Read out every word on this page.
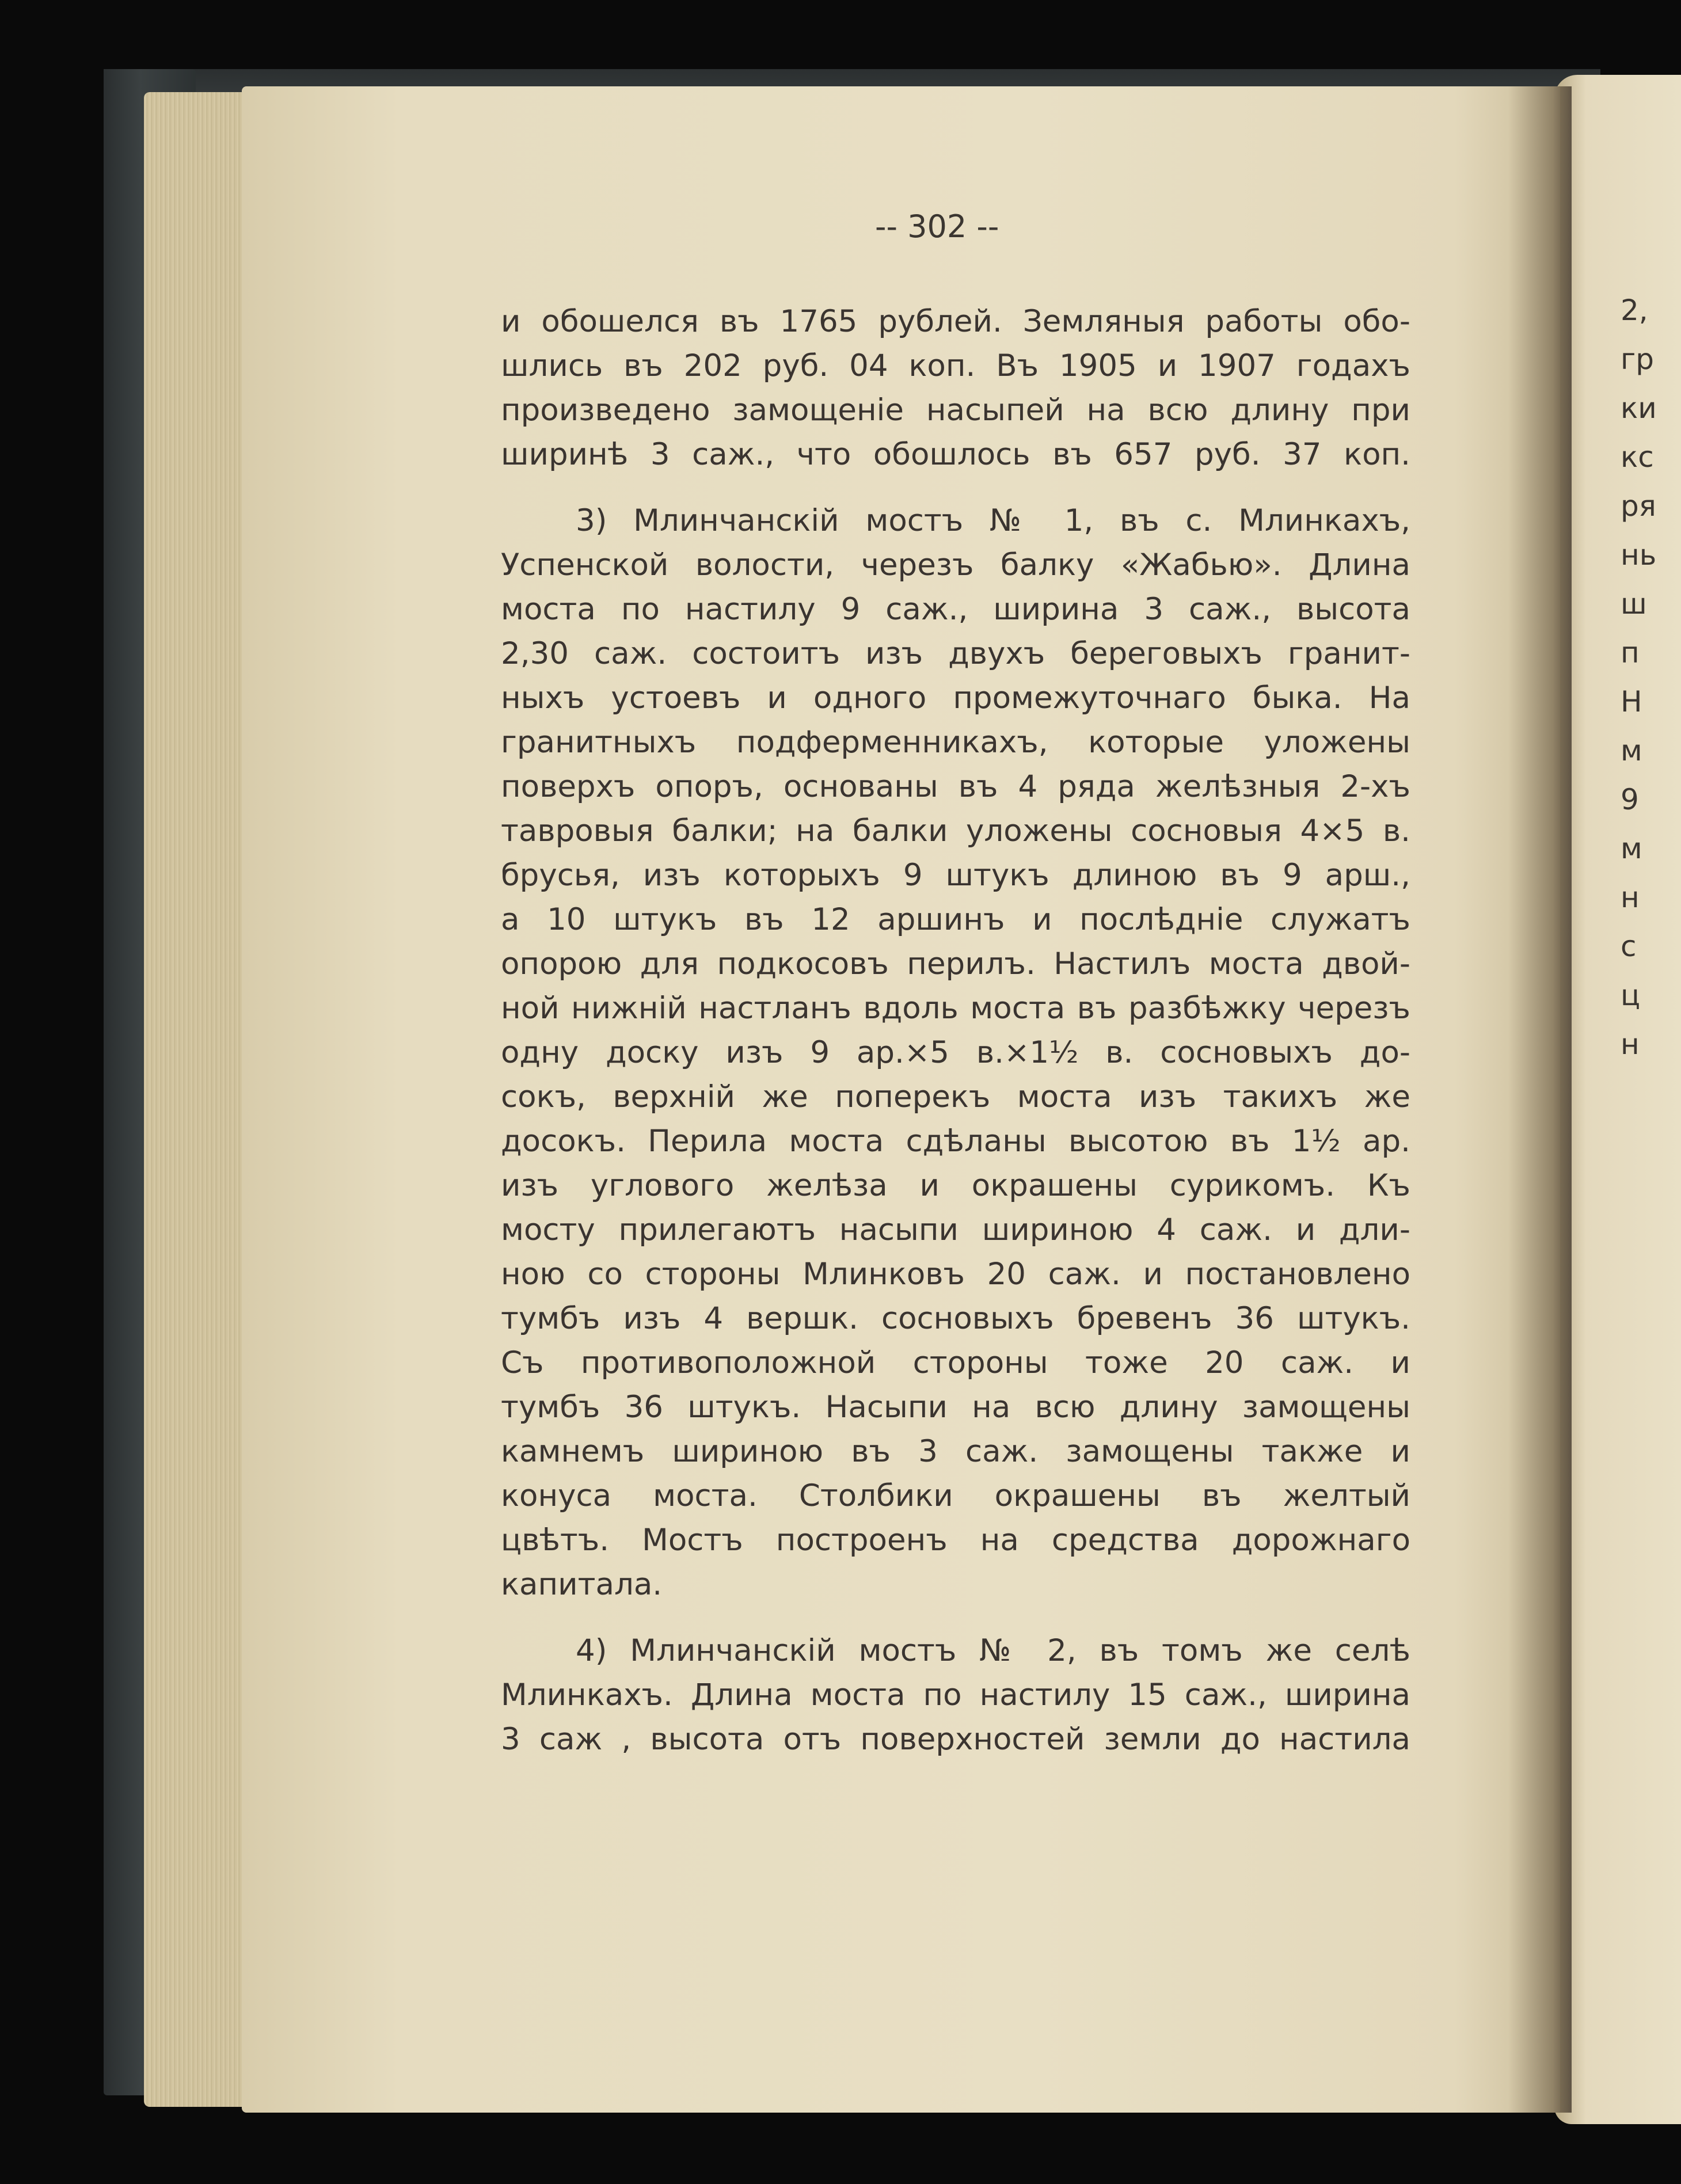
2,
гр
ки
кс
ря
нь
ш
п
Н
м
9
м
н
с
ц
н
-- 302 --
и обошелся въ 1765 рублей. Земляныя работы обо-
шлись въ 202 руб. 04 коп. Въ 1905 и 1907 годахъ
произведено замощеніе насыпей на всю длину при
ширинѣ 3 саж., что обошлось въ 657 руб. 37 коп.
3) Млинчанскій мостъ № 1, въ с. Млинкахъ,
Успенской волости, черезъ балку «Жабью». Длина
моста по настилу 9 саж., ширина 3 саж., высота
2,30 саж. состоитъ изъ двухъ береговыхъ гранит-
ныхъ устоевъ и одного промежуточнаго быка. На
гранитныхъ подферменникахъ, которые уложены
поверхъ опоръ, основаны въ 4 ряда желѣзныя 2-хъ
тавровыя балки; на балки уложены сосновыя 4×5 в.
брусья, изъ которыхъ 9 штукъ длиною въ 9 арш.,
а 10 штукъ въ 12 аршинъ и послѣдніе служатъ
опорою для подкосовъ перилъ. Настилъ моста двой-
ной нижній настланъ вдоль моста въ разбѣжку черезъ
одну доску изъ 9 ар.×5 в.×1½ в. сосновыхъ до-
сокъ, верхній же поперекъ моста изъ такихъ же
досокъ. Перила моста сдѣланы высотою въ 1½ ар.
изъ углового желѣза и окрашены сурикомъ. Къ
мосту прилегаютъ насыпи шириною 4 саж. и дли-
ною со стороны Млинковъ 20 саж. и постановлено
тумбъ изъ 4 вершк. сосновыхъ бревенъ 36 штукъ.
Съ противоположной стороны тоже 20 саж. и
тумбъ 36 штукъ. Насыпи на всю длину замощены
камнемъ шириною въ 3 саж. замощены также и
конуса моста. Столбики окрашены въ желтый
цвѣтъ. Мостъ построенъ на средства дорожнаго
капитала.
4) Млинчанскій мостъ № 2, въ томъ же селѣ
Млинкахъ. Длина моста по настилу 15 саж., ширина
3 саж , высота отъ поверхностей земли до настила
